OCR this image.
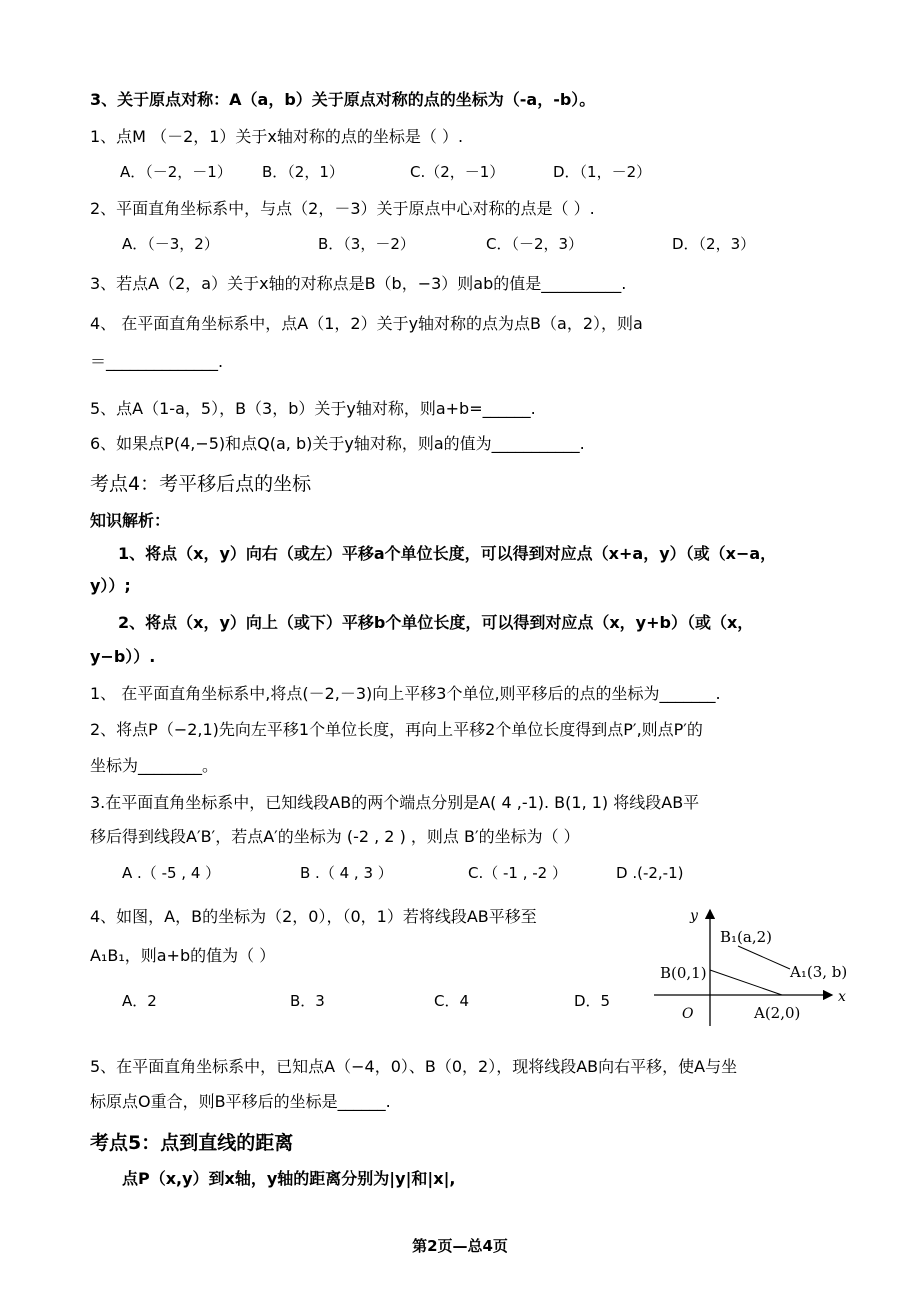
3、关于原点对称：A（a，b）关于原点对称的点的坐标为（-a，-b）。
1、点M （－2，1）关于x轴对称的点的坐标是（ ）.
A．（－2，－1） B．（2，1）	C.（2，－1）	D．（1，－2）
2、平面直角坐标系中，与点（2，－3）关于原点中心对称的点是（ ）.
A．（－3，2）	B．（3，－2）	C．（－2，3）	D．（2，3）
3、若点A（2，a）关于x轴的对称点是B（b，−3）则ab的值是__________.
4、 在平面直角坐标系中，点A（1，2）关于y轴对称的点为点B（a，2），则a
＝______________.
5、点A（1-a，5），B（3，b）关于y轴对称，则a+b=______.
6、如果点P(4,−5)和点Q(a, b)关于y轴对称，则a的值为___________.
考点4：考平移后点的坐标
知识解析：
1、将点（x，y）向右（或左）平移a个单位长度，可以得到对应点（x+a，y）（或（x−a，
y））;
2、将点（x，y）向上（或下）平移b个单位长度，可以得到对应点（x，y+b）（或（x，
y−b））.
1、 在平面直角坐标系中,将点(－2,－3)向上平移3个单位,则平移后的点的坐标为_______.
2、将点P（−2,1)先向左平移1个单位长度，再向上平移2个单位长度得到点P′,则点P′的
坐标为________。
3.在平面直角坐标系中，已知线段AB的两个端点分别是A( 4 ,-1). B(1, 1) 将线段AB平
移后得到线段A′B′，若点A′的坐标为 (-2 , 2 ) ，则点 B′的坐标为（ ）
A .（ -5 , 4 ）	B .（ 4 , 3 ）	C.（ -1 , -2 ）	D .(-2,-1)
4、如图，A，B的坐标为（2，0），（0，1）若将线段AB平移至
A₁B₁，则a+b的值为（ ）
A．2	B．3	C．4	D．5
y
x
O
B₁(a,2)
A₁(3, b)
B(0,1)
A(2,0)
5、在平面直角坐标系中，已知点A（−4，0）、B（0，2），现将线段AB向右平移，使A与坐
标原点O重合，则B平移后的坐标是______.
考点5：点到直线的距离
点P（x,y）到x轴，y轴的距离分别为|y|和|x|,
第2页—总4页
